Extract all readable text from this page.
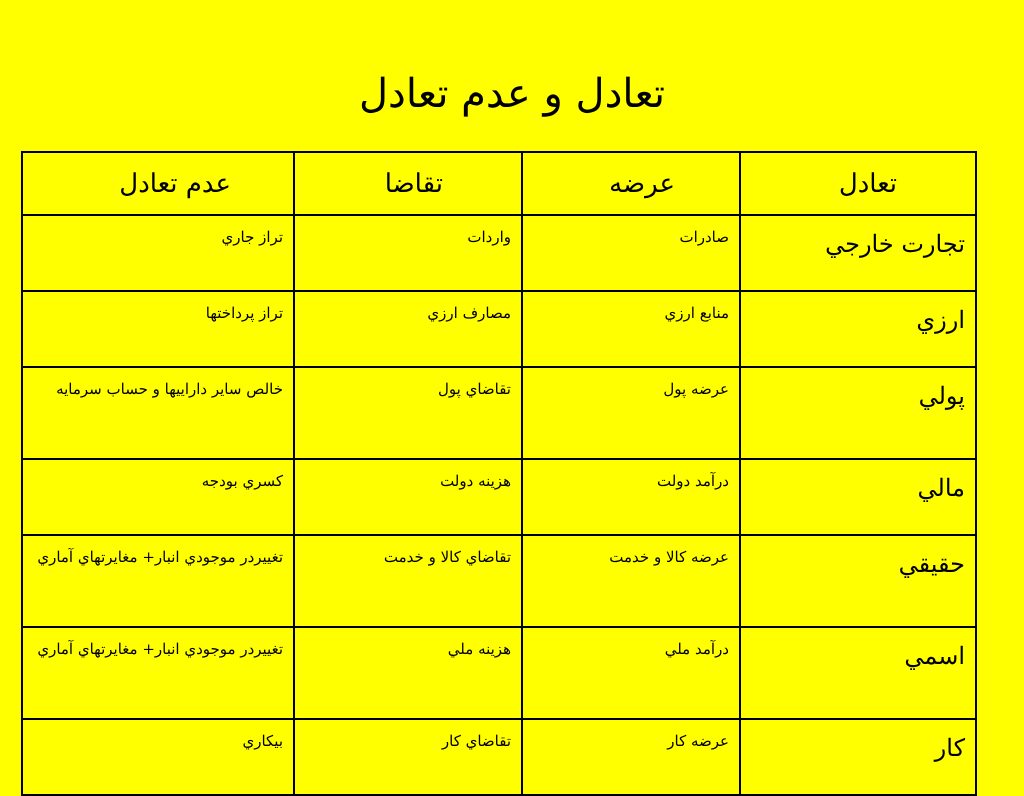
تعادل و عدم تعادل
تعادل	عرضه	تقاضا	عدم تعادل
تجارت خارجي	صادرات	واردات	تراز جاري
ارزي	منابع ارزي	مصارف ارزي	تراز پرداختها
پولي	عرضه پول	تقاضاي پول	خالص ساير داراييها و حساب سرمايه
مالي	درآمد دولت	هزينه دولت	كسري بودجه
حقيقي	عرضه كالا و خدمت	تقاضاي كالا و خدمت	تغييردر موجودي انبار+ مغايرتهاي آماري
اسمي	درآمد ملي	هزينه ملي	تغييردر موجودي انبار+ مغايرتهاي آماري
كار	عرضه كار	تقاضاي كار	بيكاري
